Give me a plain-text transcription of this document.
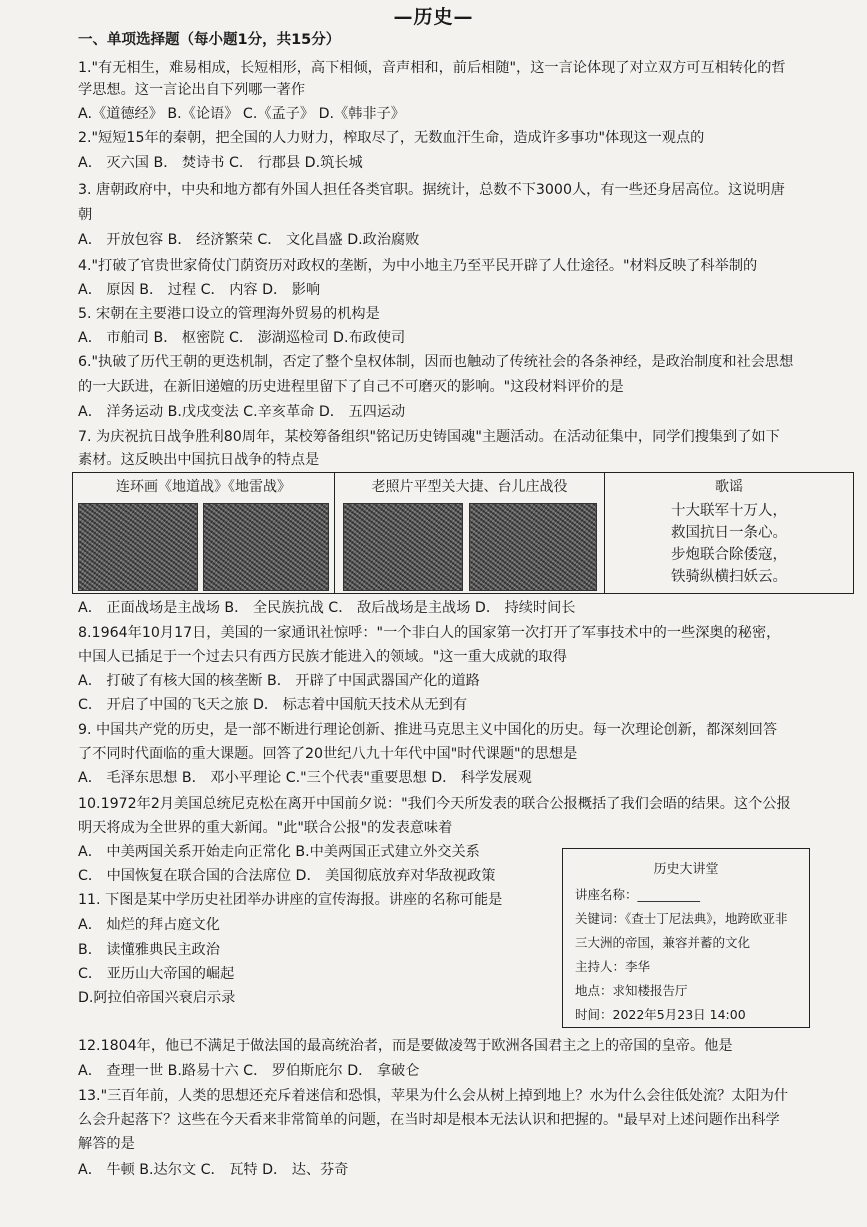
—历史—
一、单项选择题（每小题1分，共15分）
1."有无相生，难易相成，长短相形，高下相倾，音声相和，前后相随"，这一言论体现了对立双方可互相转化的哲
学思想。这一言论出自下列哪一著作
A.《道德经》 B.《论语》 C.《孟子》 D.《韩非子》
2."短短15年的秦朝，把全国的人力财力，榨取尽了，无数血汗生命，造成许多事功"体现这一观点的
A． 灭六国 B． 焚诗书 C． 行郡县 D.筑长城
3. 唐朝政府中，中央和地方都有外国人担任各类官职。据统计，总数不下3000人，有一些还身居高位。这说明唐
朝
A． 开放包容 B． 经济繁荣 C． 文化昌盛 D.政治腐败
4."打破了官贵世家倚仗门荫资历对政权的垄断，为中小地主乃至平民开辟了人仕途径。"材料反映了科举制的
A． 原因 B． 过程 C． 内容 D． 影响
5. 宋朝在主要港口设立的管理海外贸易的机构是
A． 市舶司 B． 枢密院 C． 澎湖巡检司 D.布政使司
6."执破了历代王朝的更迭机制，否定了整个皇权体制，因而也触动了传统社会的各条神经，是政治制度和社会思想
的一大跃进，在新旧递嬗的历史进程里留下了自己不可磨灭的影响。"这段材料评价的是
A． 洋务运动 B.戊戌变法 C.辛亥革命 D． 五四运动
7. 为庆祝抗日战争胜利80周年，某校筹备组织"铭记历史铸国魂"主题活动。在活动征集中，同学们搜集到了如下
素材。这反映出中国抗日战争的特点是
连环画《地道战》《地雷战》	老照片平型关大捷、台儿庄战役	歌谣
十大联军十万人，
救国抗日一条心。
步炮联合除倭寇，
铁骑纵横扫妖云。
A． 正面战场是主战场 B． 全民族抗战 C． 敌后战场是主战场 D． 持续时间长
8.1964年10月17日，美国的一家通讯社惊呼："一个非白人的国家第一次打开了军事技术中的一些深奥的秘密，
中国人已插足于一个过去只有西方民族才能进入的领域。"这一重大成就的取得
A． 打破了有核大国的核垄断 B． 开辟了中国武器国产化的道路
C． 开启了中国的飞天之旅 D． 标志着中国航天技术从无到有
9. 中国共产党的历史，是一部不断进行理论创新、推进马克思主义中国化的历史。每一次理论创新，都深刻回答
了不同时代面临的重大课题。回答了20世纪八九十年代中国"时代课题"的思想是
A． 毛泽东思想 B． 邓小平理论 C."三个代表"重要思想 D． 科学发展观
10.1972年2月美国总统尼克松在离开中国前夕说："我们今天所发表的联合公报概括了我们会晤的结果。这个公报
明天将成为全世界的重大新闻。"此"联合公报"的发表意味着
A． 中美两国关系开始走向正常化 B.中美两国正式建立外交关系
C． 中国恢复在联合国的合法席位 D． 美国彻底放弃对华敌视政策
11. 下图是某中学历史社团举办讲座的宣传海报。讲座的名称可能是
A． 灿烂的拜占庭文化
B． 读懂雅典民主政治
C． 亚历山大帝国的崛起
D.阿拉伯帝国兴衰启示录
历史大讲堂
讲座名称：__________
关键词：《查士丁尼法典》，地跨欧亚非
三大洲的帝国，兼容并蓄的文化
主持人：李华
地点：求知楼报告厅
时间：2022年5月23日 14:00
12.1804年，他已不满足于做法国的最高统治者，而是要做凌驾于欧洲各国君主之上的帝国的皇帝。他是
A． 查理一世 B.路易十六 C． 罗伯斯庇尔 D． 拿破仑
13."三百年前，人类的思想还充斥着迷信和恐惧，苹果为什么会从树上掉到地上？水为什么会往低处流？太阳为什
么会升起落下？这些在今天看来非常简单的问题，在当时却是根本无法认识和把握的。"最早对上述问题作出科学
解答的是
A． 牛顿 B.达尔文 C． 瓦特 D． 达、芬奇
